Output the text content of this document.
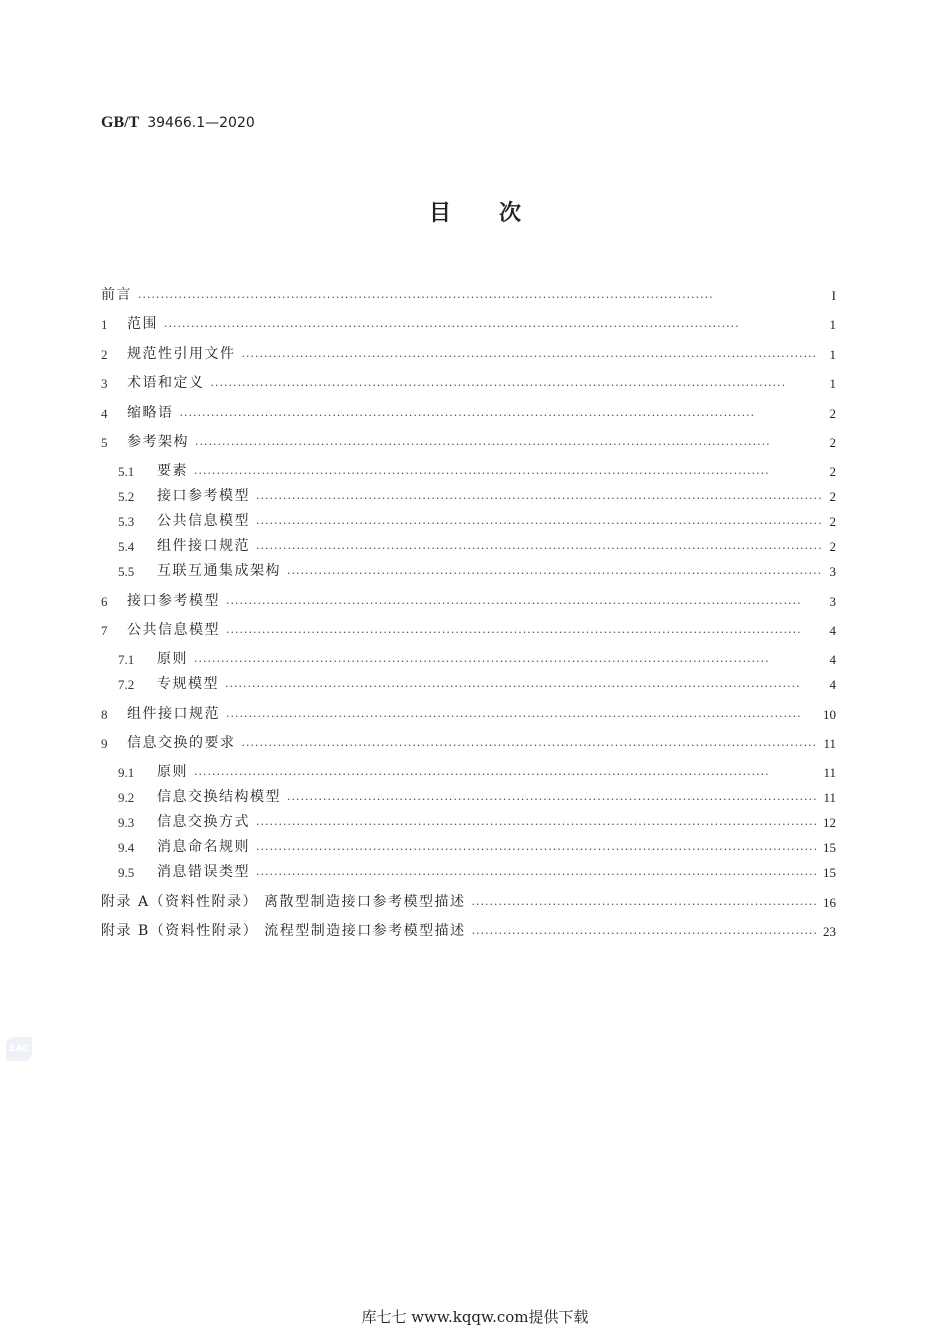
GB/T 39466.1—2020
目次
前言 ·····	I
1	范围 ·····	1
2	规范性引用文件 ·····	1
3	术语和定义 ·····	1
4	缩略语 ·····	2
5	参考架构 ·····	2
5.1	要素 ·····	2
5.2	接口参考模型 ·····	2
5.3	公共信息模型 ·····	2
5.4	组件接口规范 ·····	2
5.5	互联互通集成架构 ·····	3
6	接口参考模型 ·····	3
7	公共信息模型 ·····	4
7.1	原则 ·····	4
7.2	专规模型 ·····	4
8	组件接口规范 ·····	10
9	信息交换的要求 ·····	11
9.1	原则 ·····	11
9.2	信息交换结构模型 ·····	11
9.3	信息交换方式 ·····	12
9.4	消息命名规则 ·····	15
9.5	消息错误类型 ·····	15
附录 A（资料性附录） 离散型制造接口参考模型描述 ·····	16
附录 B（资料性附录） 流程型制造接口参考模型描述 ·····	23
SAC
库七七 www.kqqw.com提供下载
